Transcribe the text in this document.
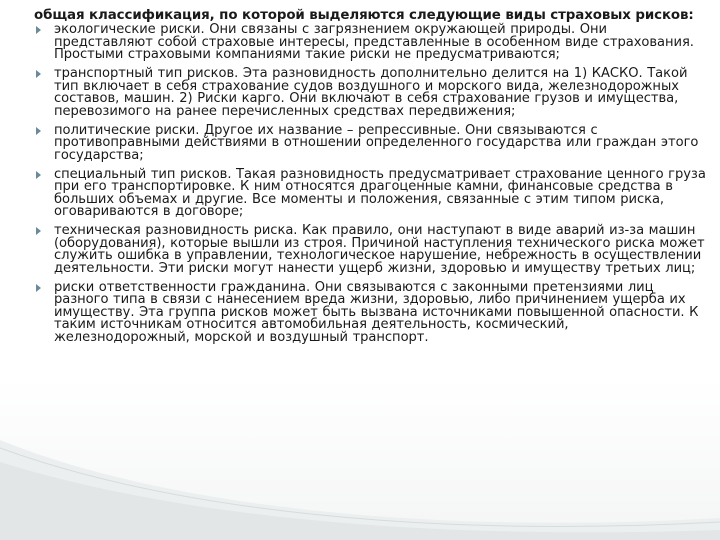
общая классификация, по которой выделяются следующие виды страховых рисков:
экологические риски. Они связаны с загрязнением окружающей природы. Они представляют собой страховые интересы, представленные в особенном виде страхования. Простыми страховыми компаниями такие риски не предусматриваются;
транспортный тип рисков. Эта разновидность дополнительно делится на 1) КАСКО. Такой тип включает в себя страхование судов воздушного и морского вида, железнодорожных составов, машин. 2) Риски карго. Они включают в себя страхование грузов и имущества, перевозимого на ранее перечисленных средствах передвижения;
политические риски. Другое их название – репрессивные. Они связываются с противоправными действиями в отношении определенного государства или граждан этого государства;
специальный тип рисков. Такая разновидность предусматривает страхование ценного груза при его транспортировке. К ним относятся драгоценные камни, финансовые средства в больших объемах и другие. Все моменты и положения, связанные с этим типом риска, оговариваются в договоре;
техническая разновидность риска. Как правило, они наступают в виде аварий из-за машин (оборудования), которые вышли из строя. Причиной наступления технического риска может служить ошибка в управлении, технологическое нарушение, небрежность в осуществлении деятельности. Эти риски могут нанести ущерб жизни, здоровью и имуществу третьих лиц;
риски ответственности гражданина. Они связываются с законными претензиями лиц разного типа в связи с нанесением вреда жизни, здоровью, либо причинением ущерба их имуществу. Эта группа рисков может быть вызвана источниками повышенной опасности. К таким источникам относится автомобильная деятельность, космический, железнодорожный, морской и воздушный транспорт.
